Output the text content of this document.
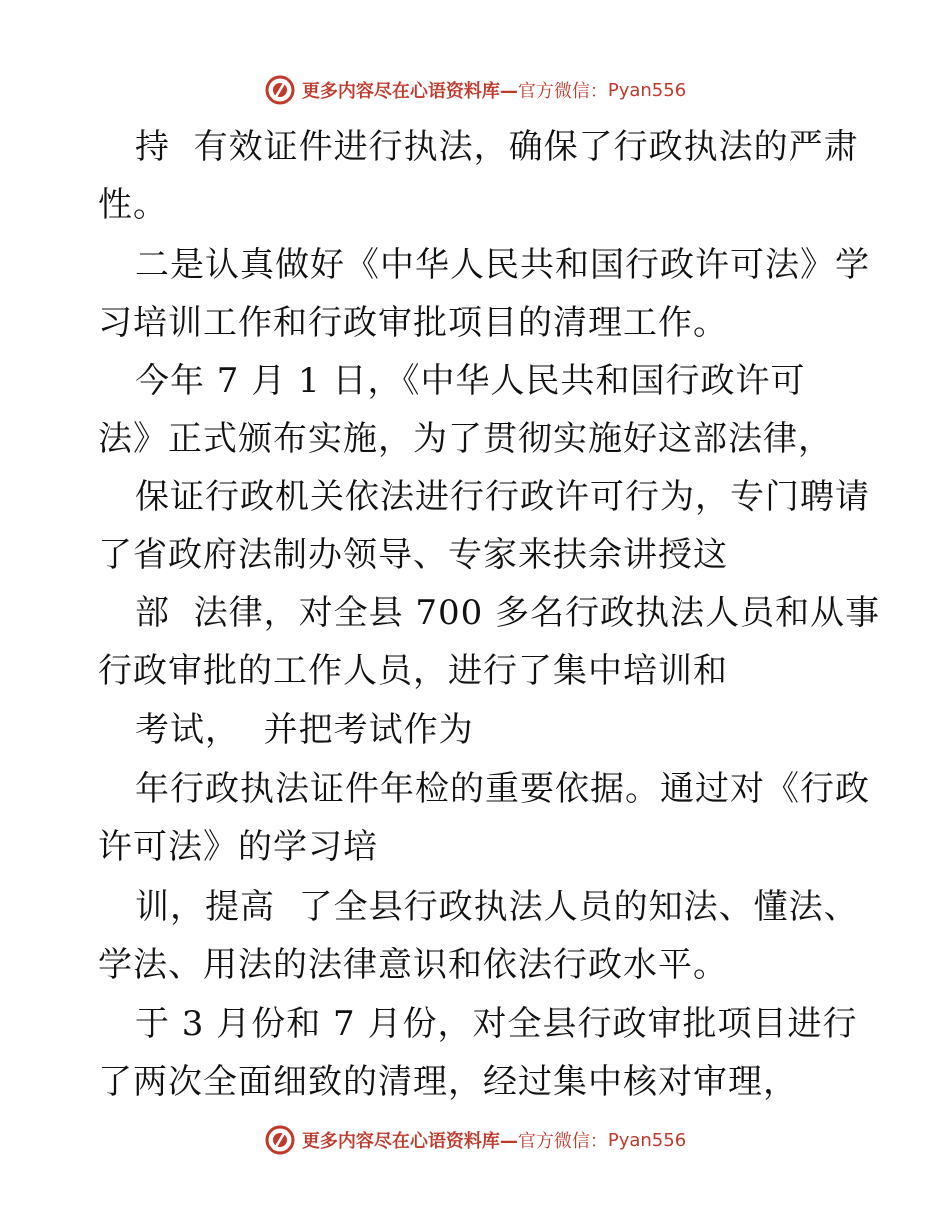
更多内容尽在心语资料库— 官方微信： Pyan556
持  有效证件进行执法，确保了行政执法的严肃
性。
二是认真做好《中华人民共和国行政许可法》学
习培训工作和行政审批项目的清理工作。
今年 7 月 1 日，《中华人民共和国行政许可
法》正式颁布实施，为了贯彻实施好这部法律，
保证行政机关依法进行行政许可行为，专门聘请
了省政府法制办领导、专家来扶余讲授这
部  法律，对全县 700 多名行政执法人员和从事
行政审批的工作人员，进行了集中培训和
考试，  并把考试作为
年行政执法证件年检的重要依据。通过对《行政
许可法》的学习培
训，提高  了全县行政执法人员的知法、懂法、
学法、用法的法律意识和依法行政水平。
于 3 月份和 7 月份，对全县行政审批项目进行
了两次全面细致的清理，经过集中核对审理，
更多内容尽在心语资料库— 官方微信： Pyan556
